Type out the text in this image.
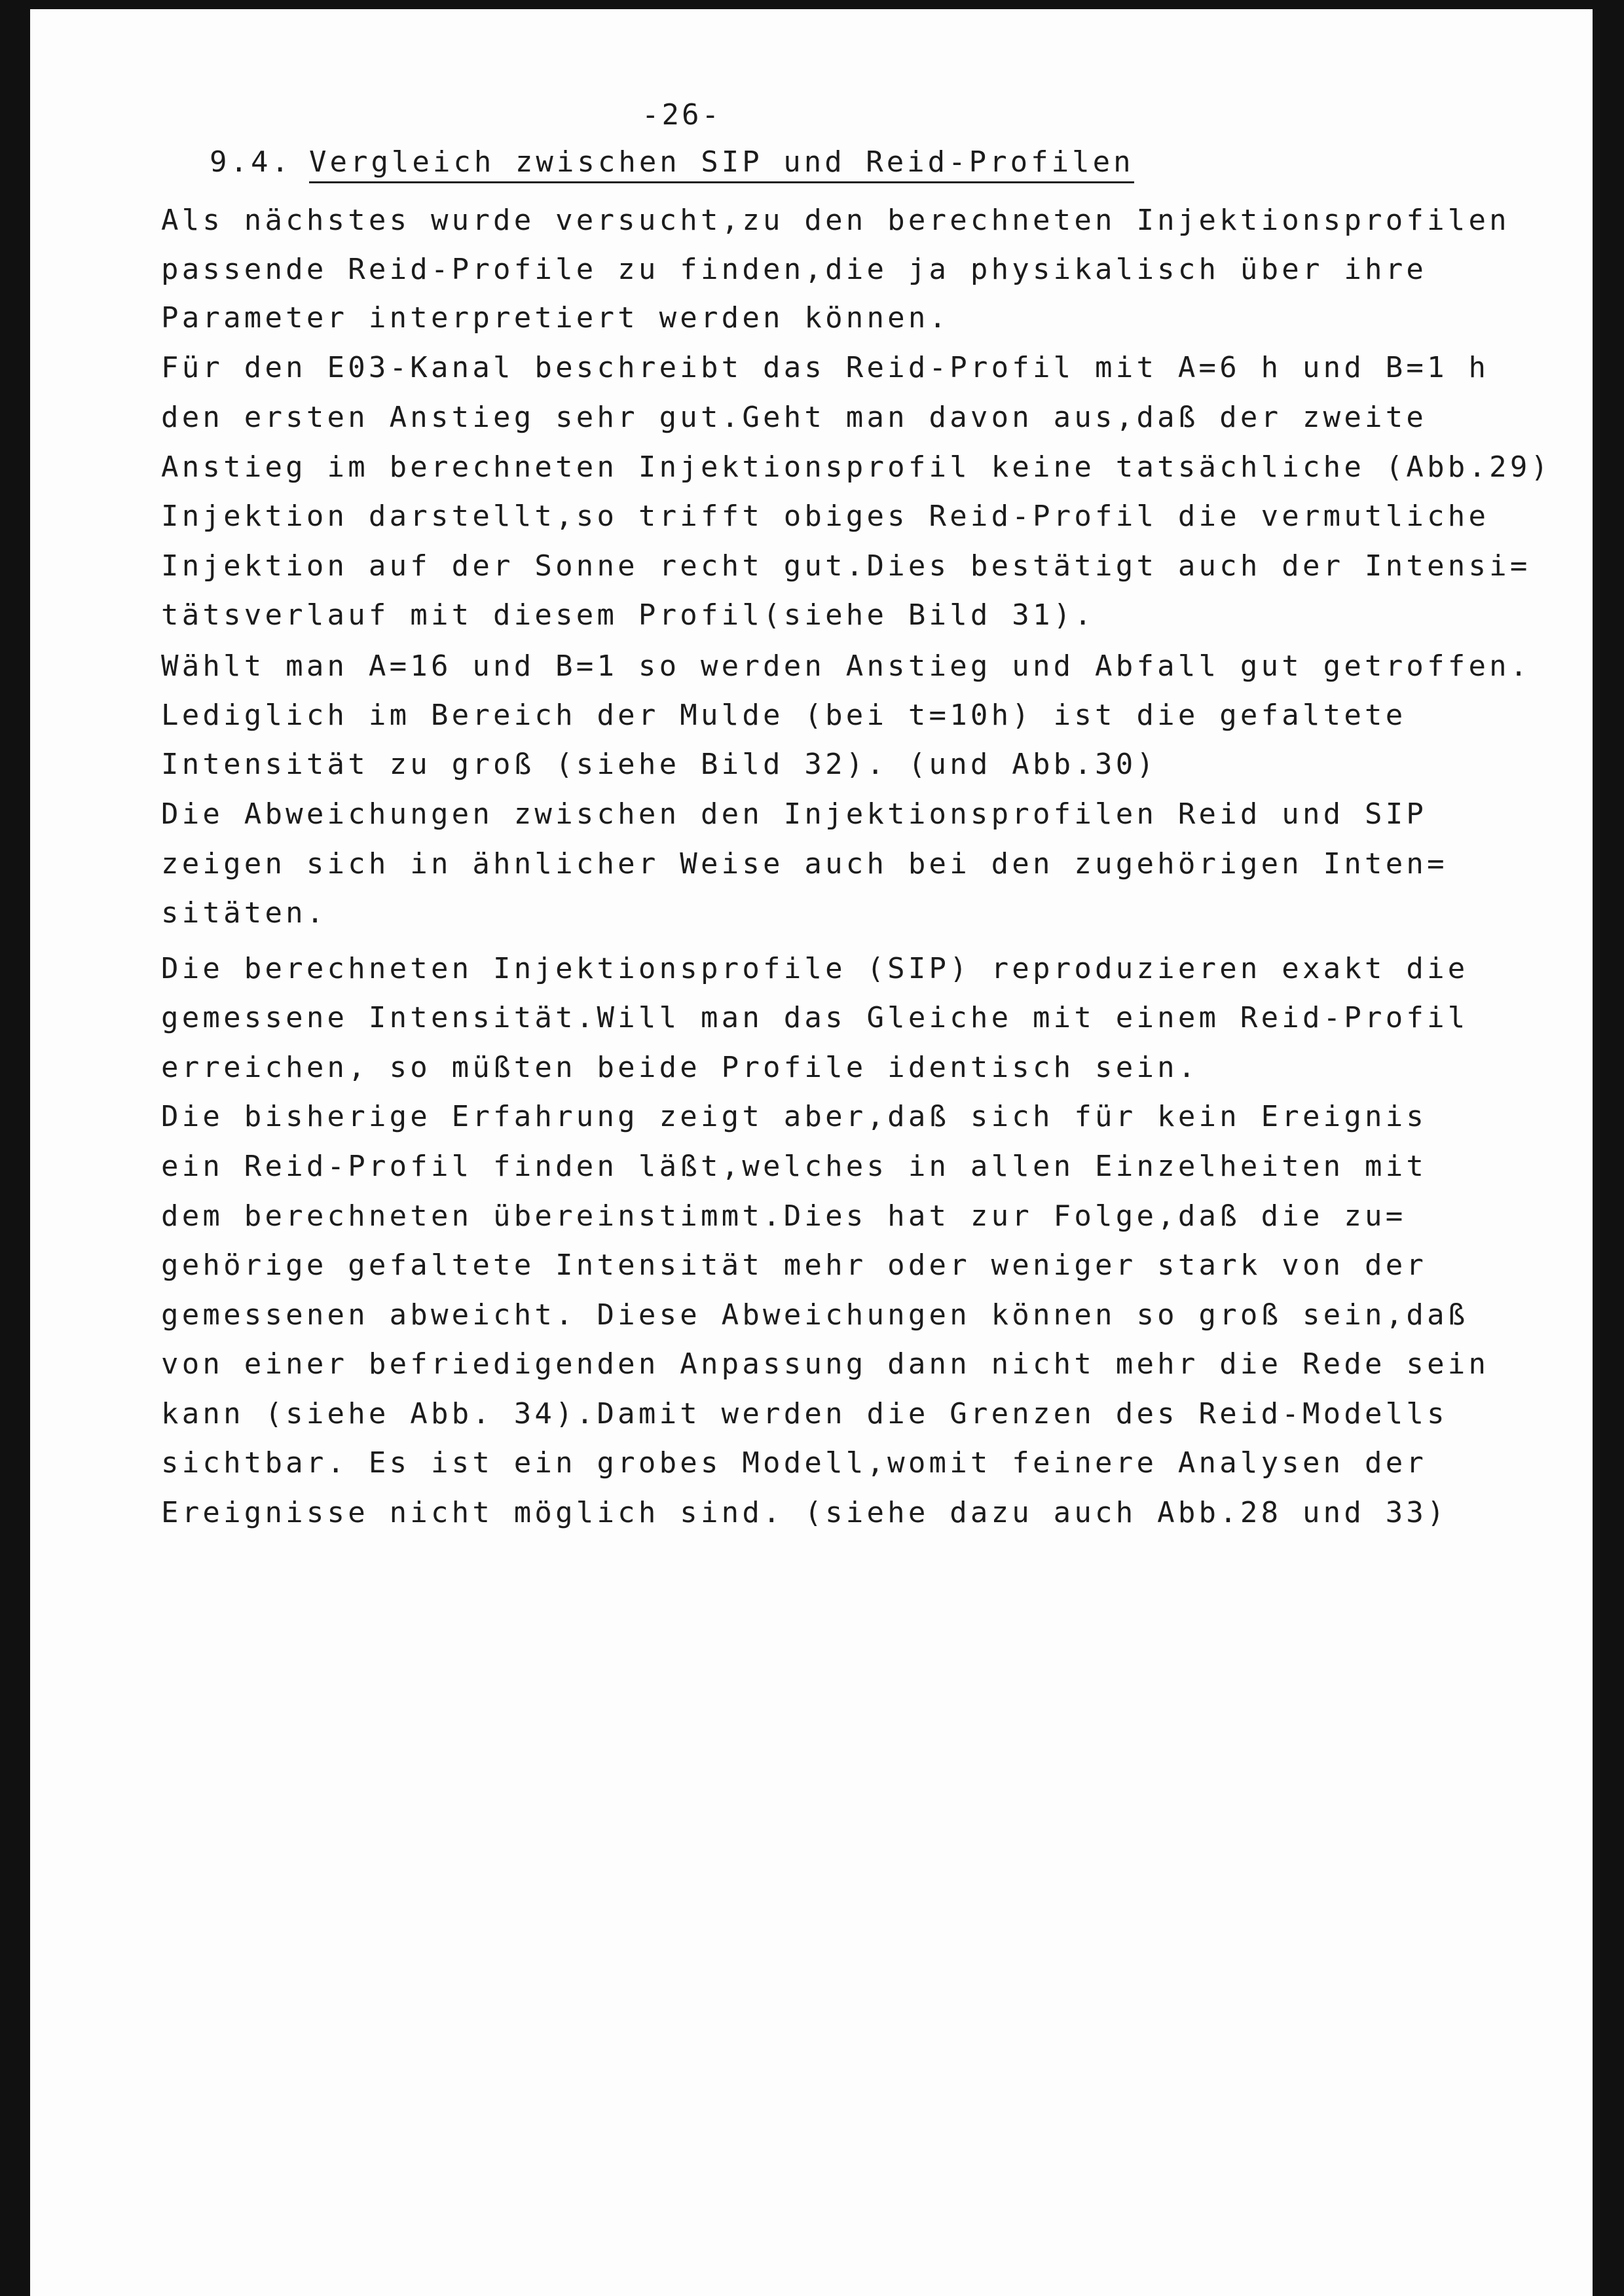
-26-
9.4. Vergleich zwischen SIP und Reid-Profilen
Als nächstes wurde versucht,zu den berechneten Injektionsprofilen
passende Reid-Profile zu finden,die ja physikalisch über ihre
Parameter interpretiert werden können.
Für den E03-Kanal beschreibt das Reid-Profil mit A=6 h und B=1 h
den ersten Anstieg sehr gut.Geht man davon aus,daß der zweite
Anstieg im berechneten Injektionsprofil keine tatsächliche (Abb.29)
Injektion darstellt,so trifft obiges Reid-Profil die vermutliche
Injektion auf der Sonne recht gut.Dies bestätigt auch der Intensi=
tätsverlauf mit diesem Profil(siehe Bild 31).
Wählt man A=16 und B=1 so werden Anstieg und Abfall gut getroffen.
Lediglich im Bereich der Mulde (bei t=10h) ist die gefaltete
Intensität zu groß (siehe Bild 32). (und Abb.30)
Die Abweichungen zwischen den Injektionsprofilen Reid und SIP
zeigen sich in ähnlicher Weise auch bei den zugehörigen Inten=
sitäten.
Die berechneten Injektionsprofile (SIP) reproduzieren exakt die
gemessene Intensität.Will man das Gleiche mit einem Reid-Profil
erreichen, so müßten beide Profile identisch sein.
Die bisherige Erfahrung zeigt aber,daß sich für kein Ereignis
ein Reid-Profil finden läßt,welches in allen Einzelheiten mit
dem berechneten übereinstimmt.Dies hat zur Folge,daß die zu=
gehörige gefaltete Intensität mehr oder weniger stark von der
gemessenen abweicht. Diese Abweichungen können so groß sein,daß
von einer befriedigenden Anpassung dann nicht mehr die Rede sein
kann (siehe Abb. 34).Damit werden die Grenzen des Reid-Modells
sichtbar. Es ist ein grobes Modell,womit feinere Analysen der
Ereignisse nicht möglich sind. (siehe dazu auch Abb.28 und 33)
